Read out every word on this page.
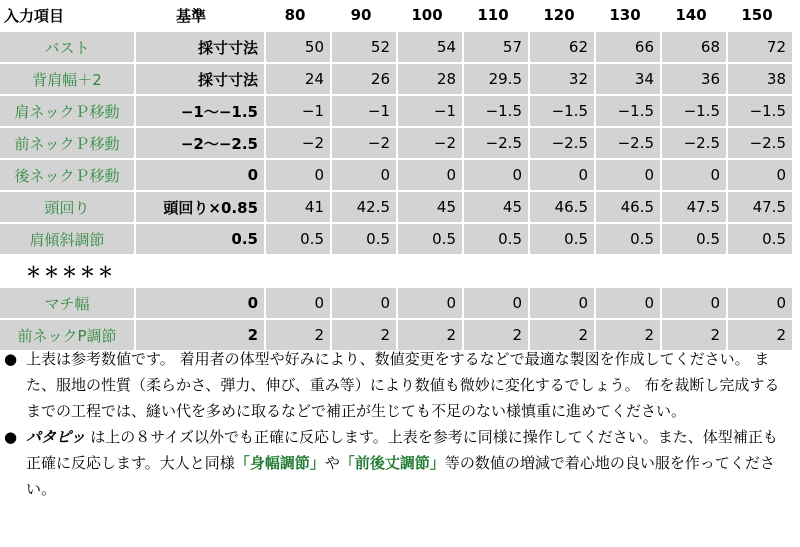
入力項目	基準	80	90	100	110	120	130	140	150
バスト	採寸寸法	50	52	54	57	62	66	68	72
背肩幅＋2	採寸寸法	24	26	28	29.5	32	34	36	38
肩ネックＰ移動	−1〜−1.5	−1	−1	−1	−1.5	−1.5	−1.5	−1.5	−1.5
前ネックＰ移動	−2〜−2.5	−2	−2	−2	−2.5	−2.5	−2.5	−2.5	−2.5
後ネックＰ移動	0	0	0	0	0	0	0	0	0
頭回り	頭回り×0.85	41	42.5	45	45	46.5	46.5	47.5	47.5
肩傾斜調節	0.5	0.5	0.5	0.5	0.5	0.5	0.5	0.5	0.5
＊＊＊＊＊
マチ幅	0	0	0	0	0	0	0	0	0
前ネックP調節	2	2	2	2	2	2	2	2	2
● 上表は参考数値です。 着用者の体型や好みにより、数値変更をするなどで最適な製図を作成してください。 また、服地の性質（柔らかさ、弾力、伸び、重み等）により数値も微妙に変化するでしょう。 布を裁断し完成するまでの工程では、縫い代を多めに取るなどで補正が生じても不足のない様慎重に進めてください。
● パタピッ は上の８サイズ以外でも正確に反応します。上表を参考に同様に操作してください。また、体型補正も正確に反応します。大人と同様「身幅調節」や「前後丈調節」等の数値の増減で着心地の良い服を作ってください。
